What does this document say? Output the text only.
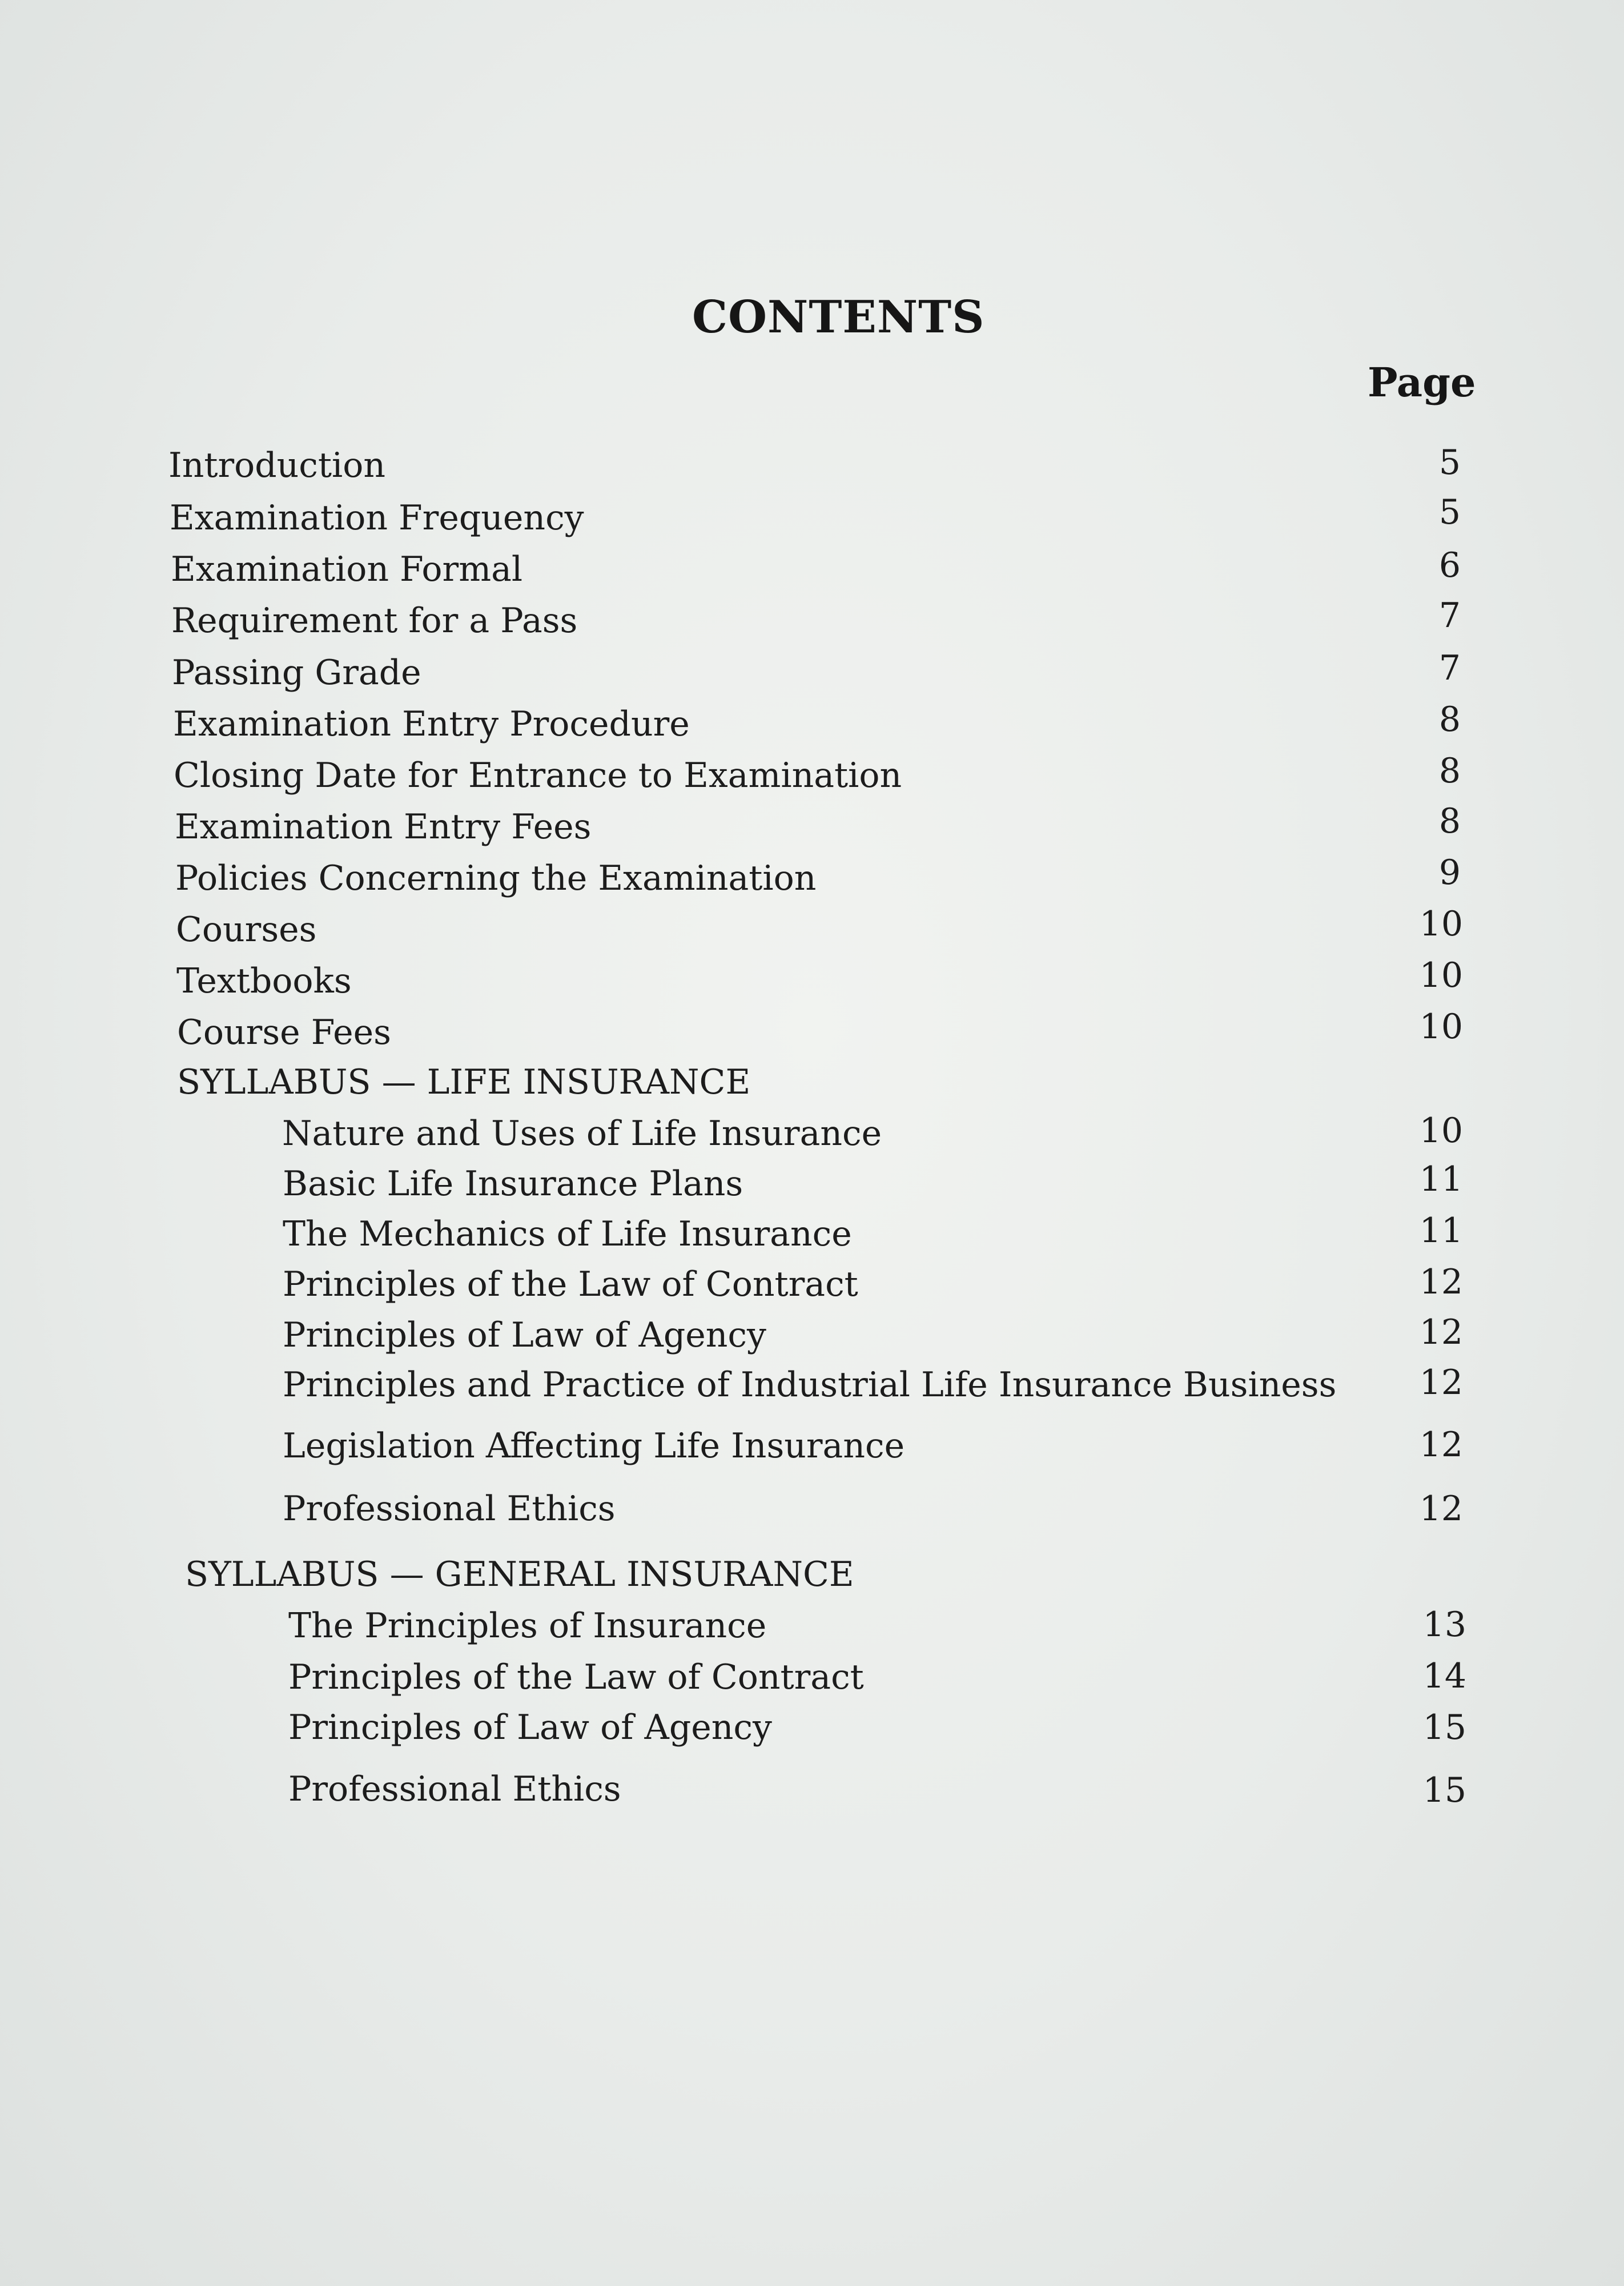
CONTENTS
Page
Introduction	5
Examination Frequency	5
Examination Formal	6
Requirement for a Pass	7
Passing Grade	7
Examination Entry Procedure	8
Closing Date for Entrance to Examination	8
Examination Entry Fees	8
Policies Concerning the Examination	9
Courses	10
Textbooks	10
Course Fees	10
SYLLABUS — LIFE INSURANCE
Nature and Uses of Life Insurance	10
Basic Life Insurance Plans	11
The Mechanics of Life Insurance	11
Principles of the Law of Contract	12
Principles of Law of Agency	12
Principles and Practice of Industrial Life Insurance Business	12
Legislation Affecting Life Insurance	12
Professional Ethics	12
SYLLABUS — GENERAL INSURANCE
The Principles of Insurance	13
Principles of the Law of Contract	14
Principles of Law of Agency	15
Professional Ethics	15
